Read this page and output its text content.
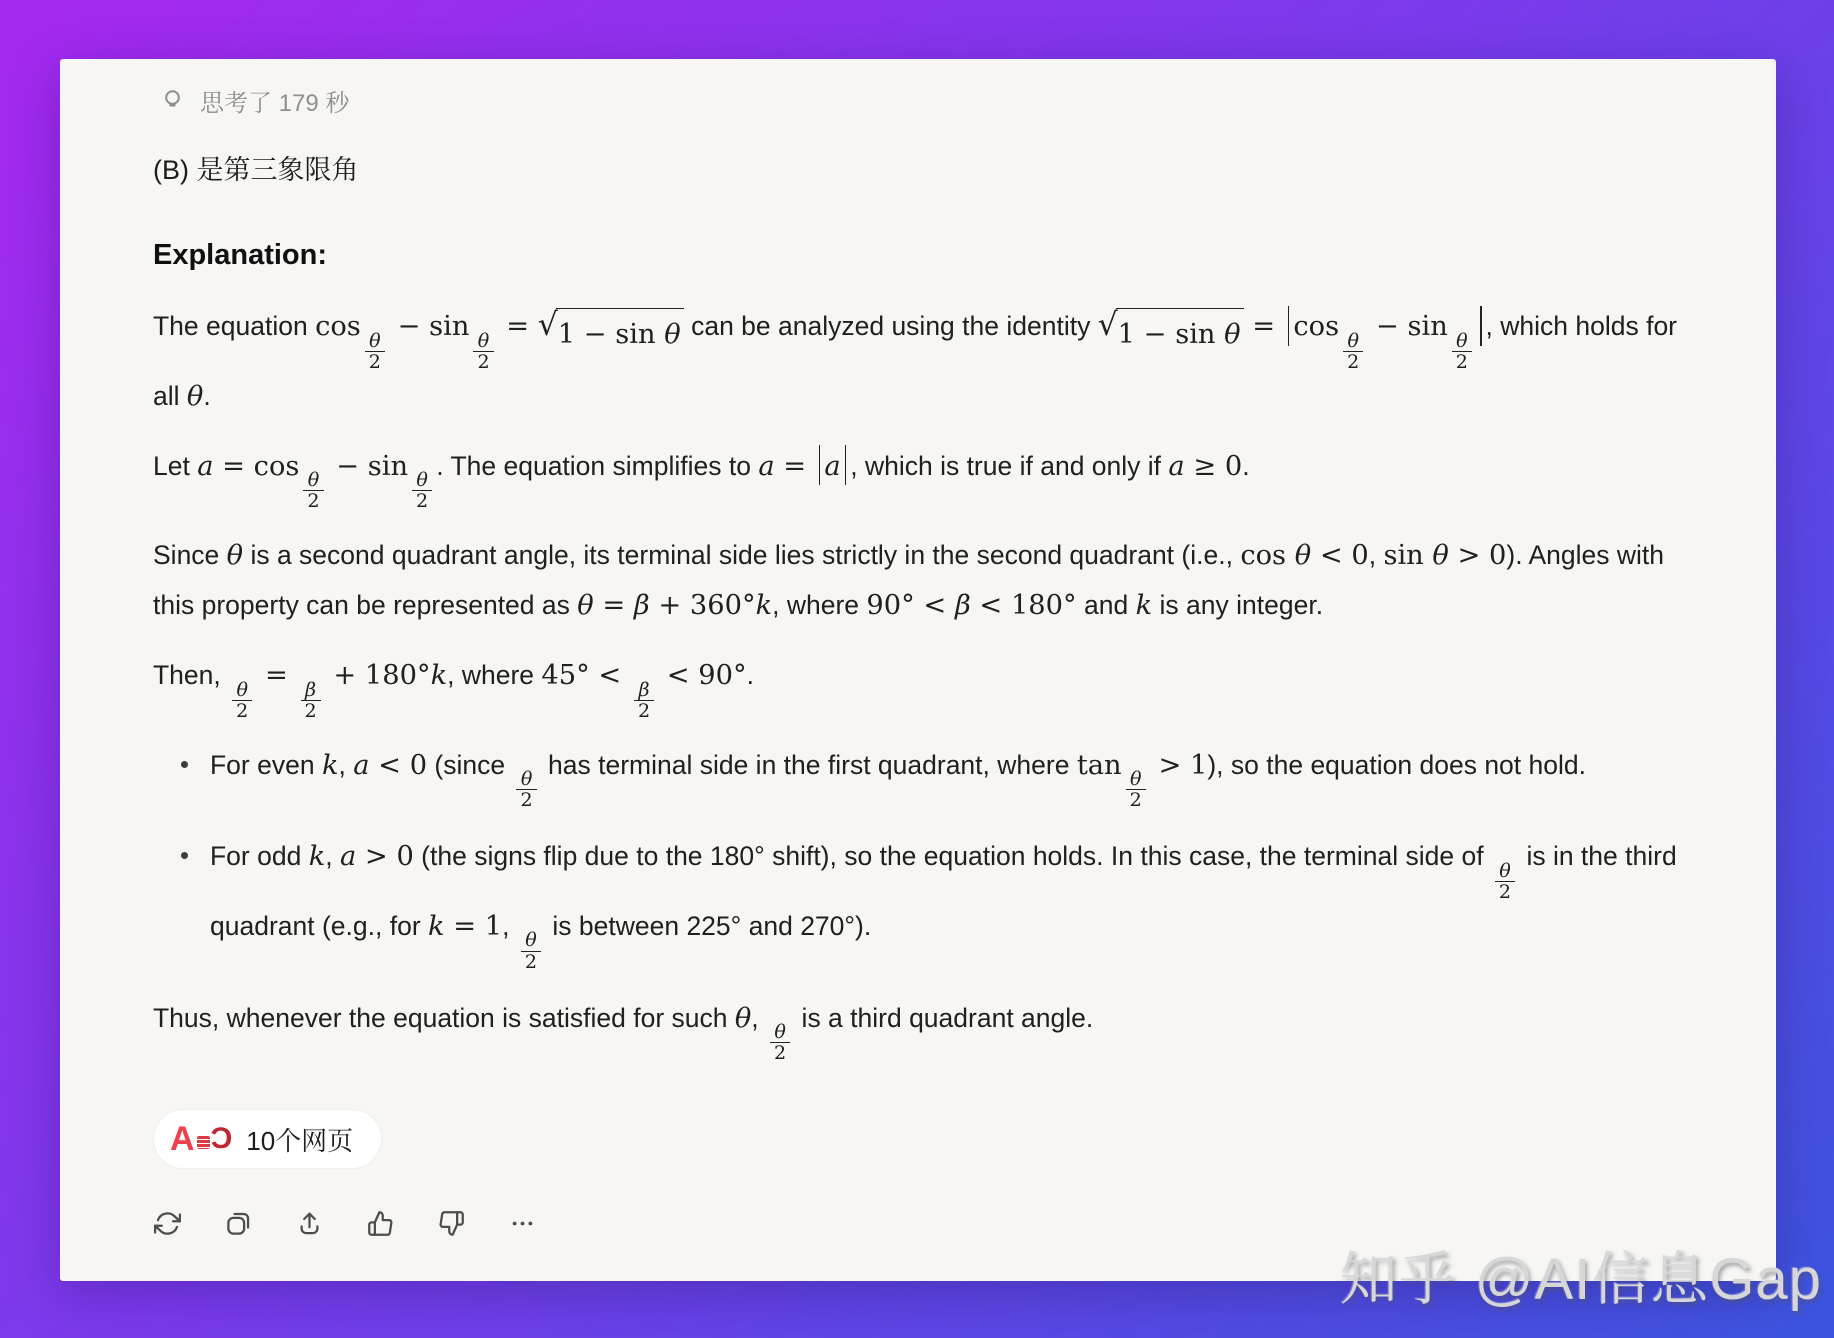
思考了 179 秒
(B) 是第三象限角
Explanation:
The equation cos
$\frac{\theta}{2}$
− sin
$\frac{\theta}{2}$
= √ 1 − sin θ can be analyzed using the identity √ 1 − sin θ = cos
$\frac{\theta}{2}$
− sin
$\frac{\theta}{2}$
, which holds for all θ.
Let a = cos
$\frac{\theta}{2}$
− sin
$\frac{\theta}{2}$
. The equation simplifies to a = a , which is true if and only if a ≥ 0.
Since θ is a second quadrant angle, its terminal side lies strictly in the second quadrant (i.e., cos θ < 0, sin θ > 0). Angles with this property can be represented as θ = β + 360°k, where 90° < β < 180° and k is any integer.
Then,
$\frac{\theta}{2}$
=
$\frac{\beta}{2}$
+ 180°k, where 45° <
$\frac{\beta}{2}$
< 90°.
For even k, a < 0 (since
$\frac{\theta}{2}$
has terminal side in the first quadrant, where tan
$\frac{\theta}{2}$
> 1), so the equation does not hold.
For odd k, a > 0 (the signs flip due to the 180° shift), so the equation holds. In this case, the terminal side of
$\frac{\theta}{2}$
is in the third quadrant (e.g., for k = 1,
$\frac{\theta}{2}$
is between 225° and 270°).
Thus, whenever the equation is satisfied for such θ,
$\frac{\theta}{2}$
is a third quadrant angle.
A Ɔ 10个网页
知乎 @AI信息Gap
